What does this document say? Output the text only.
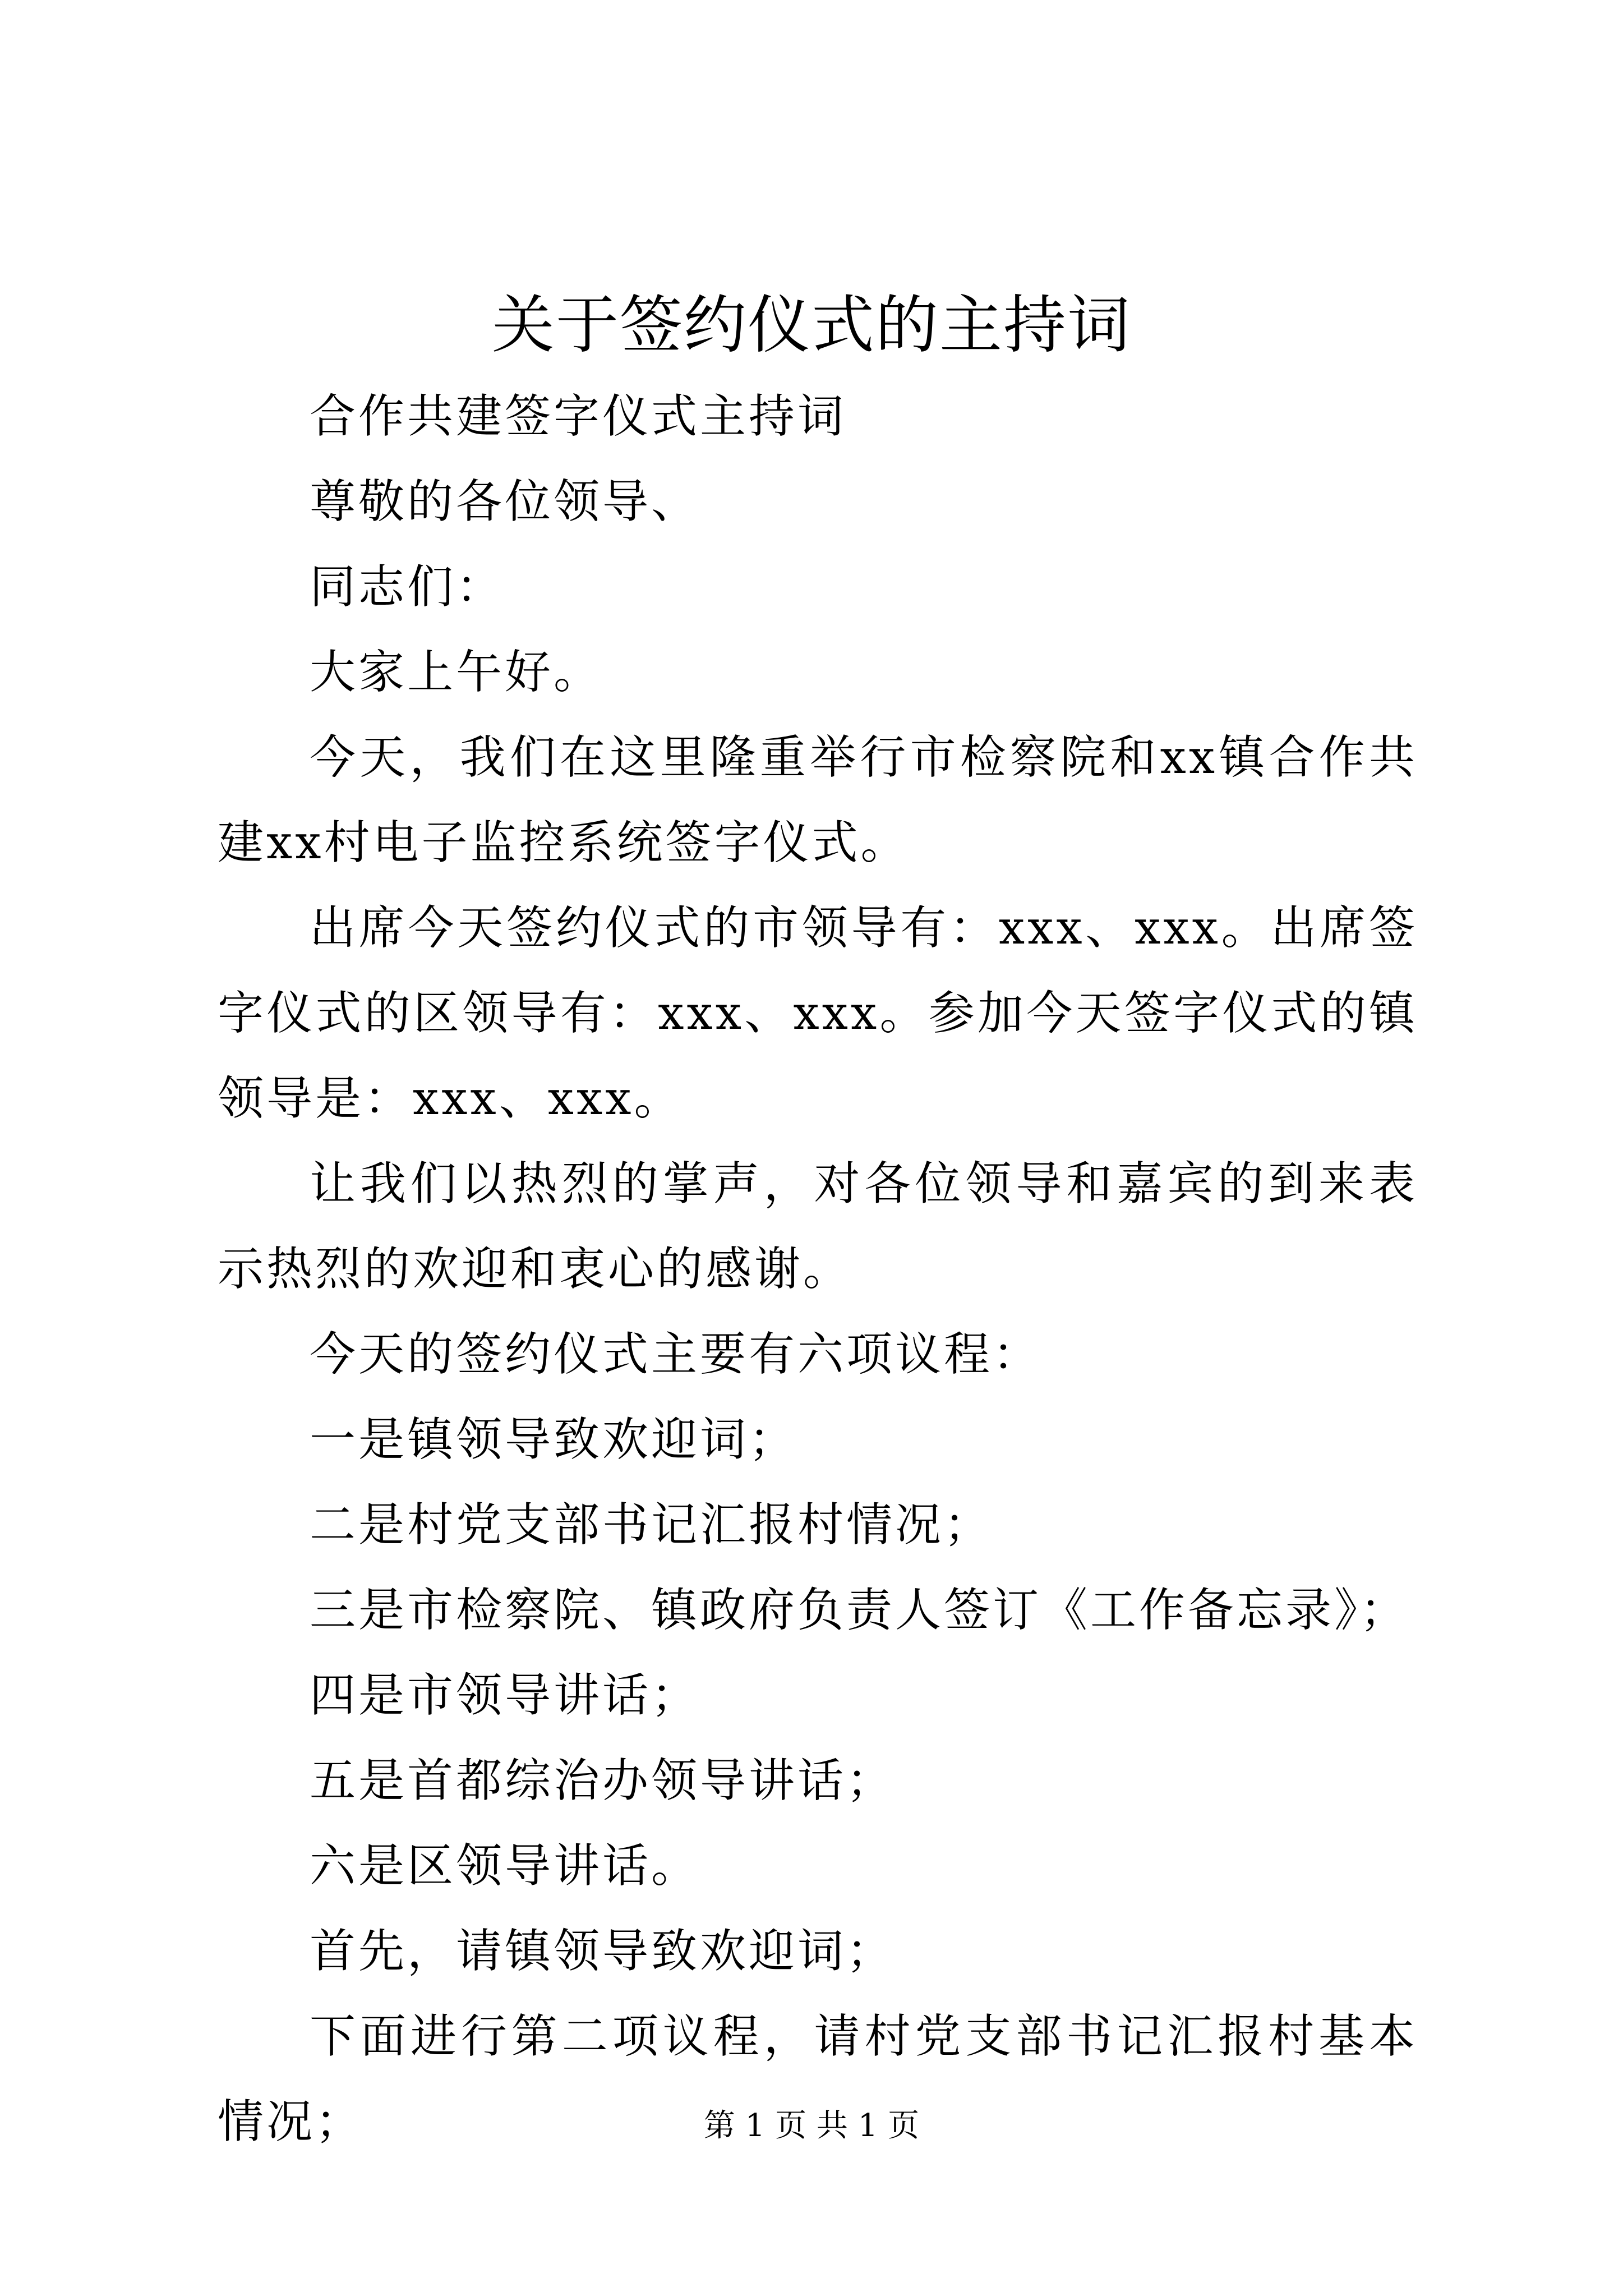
关于签约仪式的主持词

合作共建签字仪式主持词

尊敬的各位领导、

同志们：

大家上午好。

今天，我们在这里隆重举行市检察院和xx镇合作共建xx村电子监控系统签字仪式。

出席今天签约仪式的市领导有：xxx、xxx。出席签字仪式的区领导有：xxx、xxx。参加今天签字仪式的镇领导是：xxx、xxx。

让我们以热烈的掌声，对各位领导和嘉宾的到来表示热烈的欢迎和衷心的感谢。

今天的签约仪式主要有六项议程：

一是镇领导致欢迎词；

二是村党支部书记汇报村情况；

三是市检察院、镇政府负责人签订《工作备忘录》；

四是市领导讲话；

五是首都综治办领导讲话；

六是区领导讲话。

首先，请镇领导致欢迎词；

下面进行第二项议程，请村党支部书记汇报村基本情况；	第 1 页 共 1 页
